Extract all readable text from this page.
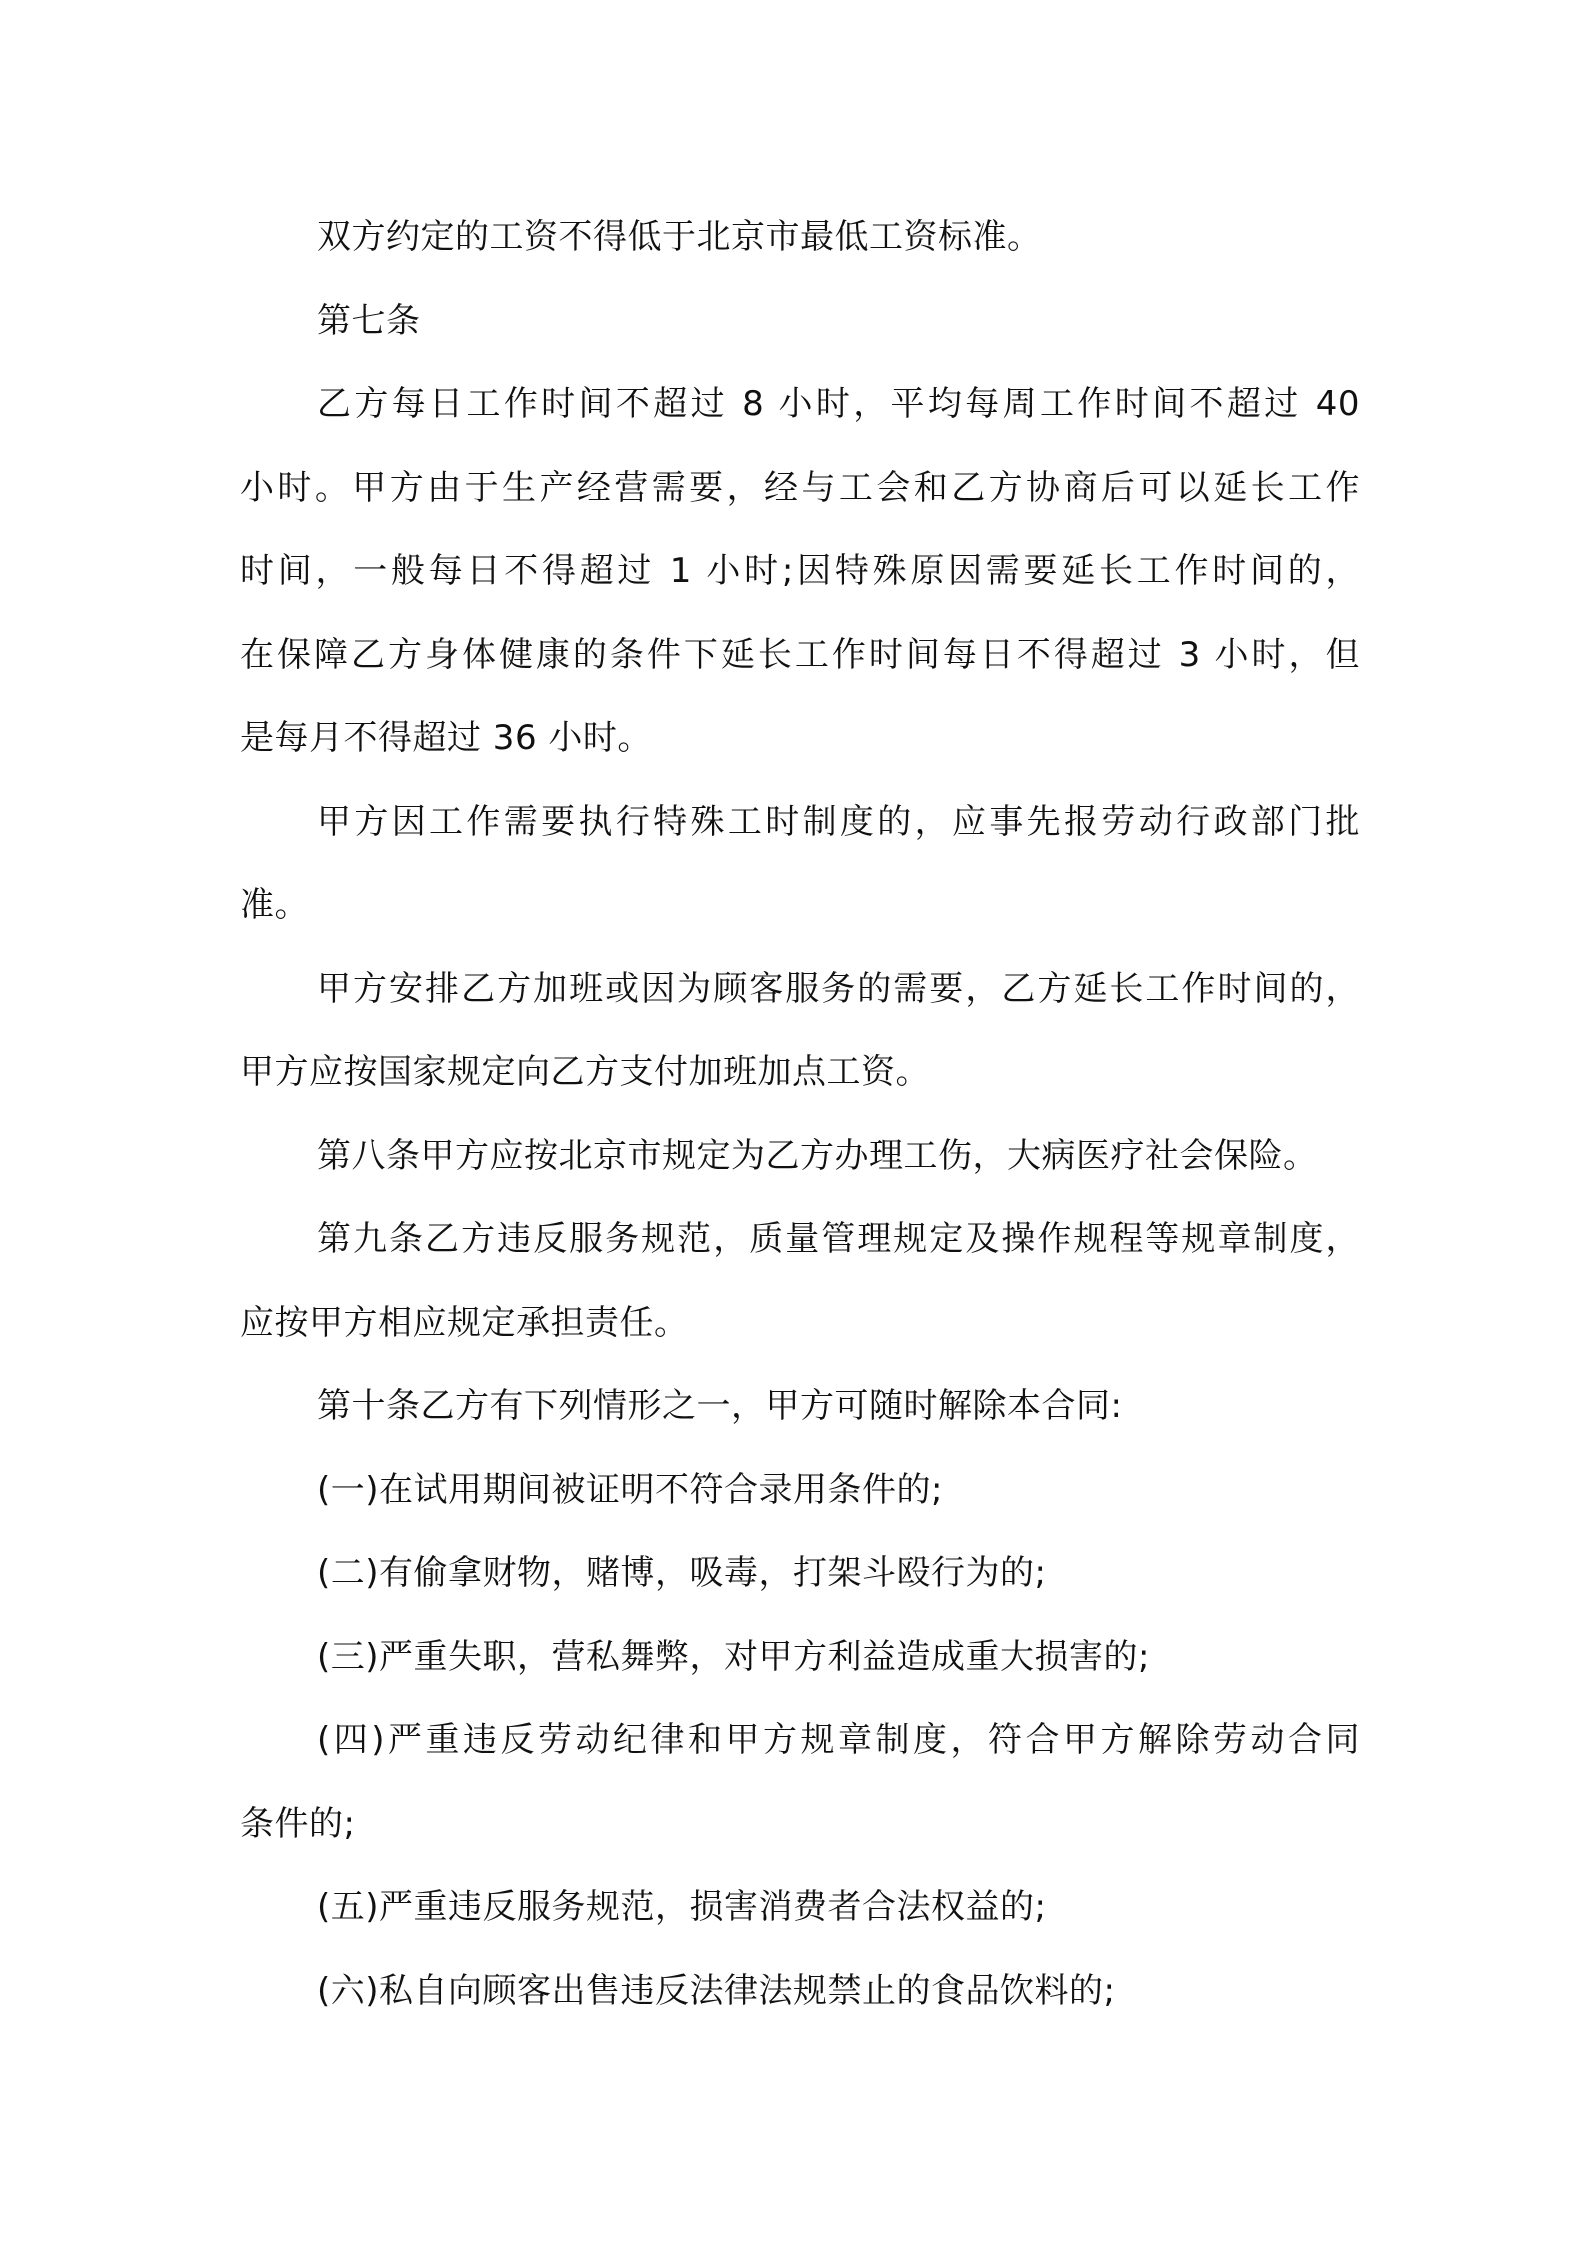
双方约定的工资不得低于北京市最低工资标准。
第七条
乙方每日工作时间不超过 8 小时，平均每周工作时间不超过 40
小时。甲方由于生产经营需要，经与工会和乙方协商后可以延长工作
时间，一般每日不得超过 1 小时;因特殊原因需要延长工作时间的，
在保障乙方身体健康的条件下延长工作时间每日不得超过 3 小时，但
是每月不得超过 36 小时。
甲方因工作需要执行特殊工时制度的，应事先报劳动行政部门批
准。
甲方安排乙方加班或因为顾客服务的需要，乙方延长工作时间的，
甲方应按国家规定向乙方支付加班加点工资。
第八条甲方应按北京市规定为乙方办理工伤，大病医疗社会保险。
第九条乙方违反服务规范，质量管理规定及操作规程等规章制度，
应按甲方相应规定承担责任。
第十条乙方有下列情形之一，甲方可随时解除本合同:
(一)在试用期间被证明不符合录用条件的;
(二)有偷拿财物，赌博，吸毒，打架斗殴行为的;
(三)严重失职，营私舞弊，对甲方利益造成重大损害的;
(四)严重违反劳动纪律和甲方规章制度，符合甲方解除劳动合同
条件的;
(五)严重违反服务规范，损害消费者合法权益的;
(六)私自向顾客出售违反法律法规禁止的食品饮料的;
